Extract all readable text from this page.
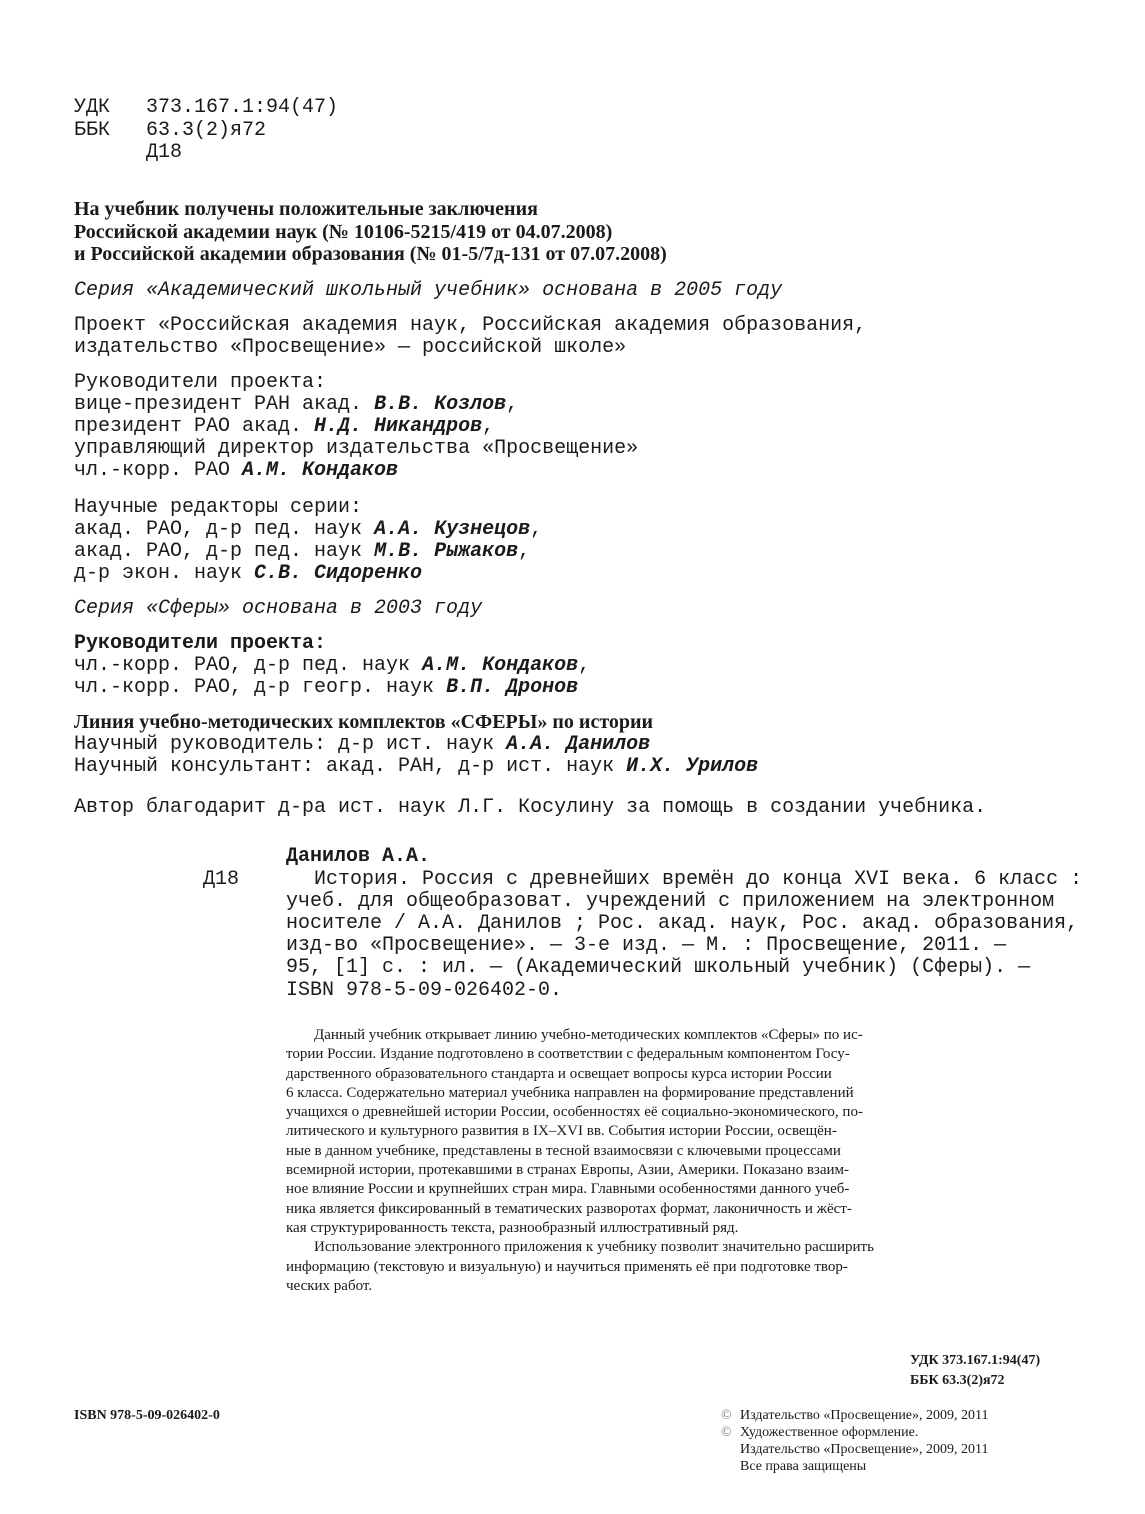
УДК 373.167.1:94(47)
ББК 63.3(2)я72
Д18
На учебник получены положительные заключения
Российской академии наук (№ 10106-5215/419 от 04.07.2008)
и Российской академии образования (№ 01-5/7д-131 от 07.07.2008)
Серия «Академический школьный учебник» основана в 2005 году
Проект «Российская академия наук, Российская академия образования,
издательство «Просвещение» — российской школе»
Руководители проекта:
вице-президент РАН акад. В.В. Козлов,
президент РАО акад. Н.Д. Никандров,
управляющий директор издательства «Просвещение»
чл.-корр. РАО А.М. Кондаков
Научные редакторы серии:
акад. РАО, д-р пед. наук А.А. Кузнецов,
акад. РАО, д-р пед. наук М.В. Рыжаков,
д-р экон. наук С.В. Сидоренко
Серия «Сферы» основана в 2003 году
Руководители проекта:
чл.-корр. РАО, д-р пед. наук А.М. Кондаков,
чл.-корр. РАО, д-р геогр. наук В.П. Дронов
Линия учебно-методических комплектов «СФЕРЫ» по истории
Научный руководитель: д-р ист. наук А.А. Данилов
Научный консультант: акад. РАН, д-р ист. наук И.Х. Урилов
Автор благодарит д-ра ист. наук Л.Г. Косулину за помощь в создании учебника.
Данилов А.А.
Д18	История. Россия с древнейших времён до конца XVI века. 6 класс :
учеб. для общеобразоват. учреждений с приложением на электронном
носителе / А.А. Данилов ; Рос. акад. наук, Рос. акад. образования,
изд-во «Просвещение». — 3-е изд. — М. : Просвещение, 2011. —
95, [1] с. : ил. — (Академический школьный учебник) (Сферы). —
ISBN 978-5-09-026402-0.
Данный учебник открывает линию учебно-методических комплектов «Сферы» по ис-
тории России. Издание подготовлено в соответствии с федеральным компонентом Госу-
дарственного образовательного стандарта и освещает вопросы курса истории России
6 класса. Содержательно материал учебника направлен на формирование представлений
учащихся о древнейшей истории России, особенностях её социально-экономического, по-
литического и культурного развития в IX–XVI вв. События истории России, освещён-
ные в данном учебнике, представлены в тесной взаимосвязи с ключевыми процессами
всемирной истории, протекавшими в странах Европы, Азии, Америки. Показано взаим-
ное влияние России и крупнейших стран мира. Главными особенностями данного учеб-
ника является фиксированный в тематических разворотах формат, лаконичность и жёст-
кая структурированность текста, разнообразный иллюстративный ряд.
Использование электронного приложения к учебнику позволит значительно расширить
информацию (текстовую и визуальную) и научиться применять её при подготовке твор-
ческих работ.
УДК 373.167.1:94(47)
ББК 63.3(2)я72
ISBN 978-5-09-026402-0	© Издательство «Просвещение», 2009, 2011
© Художественное оформление.
Издательство «Просвещение», 2009, 2011
Все права защищены
